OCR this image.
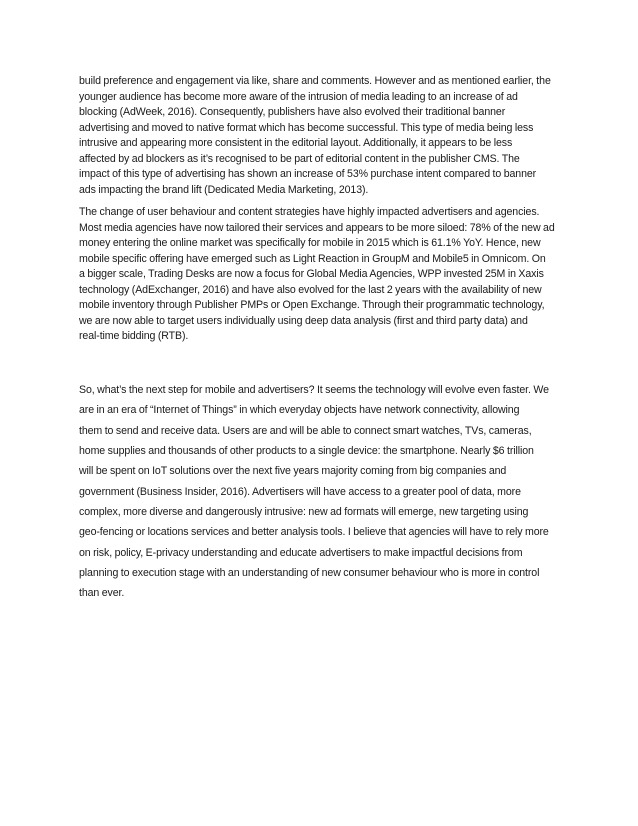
build preference and engagement via like, share and comments. However and as mentioned earlier, the
younger audience has become more aware of the intrusion of media leading to an increase of ad
blocking (AdWeek, 2016). Consequently, publishers have also evolved their traditional banner
advertising and moved to native format which has become successful. This type of media being less
intrusive and appearing more consistent in the editorial layout. Additionally, it appears to be less
affected by ad blockers as it’s recognised to be part of editorial content in the publisher CMS. The
impact of this type of advertising has shown an increase of 53% purchase intent compared to banner
ads impacting the brand lift (Dedicated Media Marketing, 2013).
The change of user behaviour and content strategies have highly impacted advertisers and agencies.
Most media agencies have now tailored their services and appears to be more siloed: 78% of the new ad
money entering the online market was specifically for mobile in 2015 which is 61.1% YoY. Hence, new
mobile specific offering have emerged such as Light Reaction in GroupM and Mobile5 in Omnicom. On
a bigger scale, Trading Desks are now a focus for Global Media Agencies, WPP invested 25M in Xaxis
technology (AdExchanger, 2016) and have also evolved for the last 2 years with the availability of new
mobile inventory through Publisher PMPs or Open Exchange. Through their programmatic technology,
we are now able to target users individually using deep data analysis (first and third party data) and
real-time bidding (RTB).
So, what’s the next step for mobile and advertisers? It seems the technology will evolve even faster. We
are in an era of “Internet of Things” in which everyday objects have network connectivity, allowing
them to send and receive data. Users are and will be able to connect smart watches, TVs, cameras,
home supplies and thousands of other products to a single device: the smartphone. Nearly $6 trillion
will be spent on IoT solutions over the next five years majority coming from big companies and
government (Business Insider, 2016). Advertisers will have access to a greater pool of data, more
complex, more diverse and dangerously intrusive: new ad formats will emerge, new targeting using
geo-fencing or locations services and better analysis tools. I believe that agencies will have to rely more
on risk, policy, E-privacy understanding and educate advertisers to make impactful decisions from
planning to execution stage with an understanding of new consumer behaviour who is more in control
than ever.
